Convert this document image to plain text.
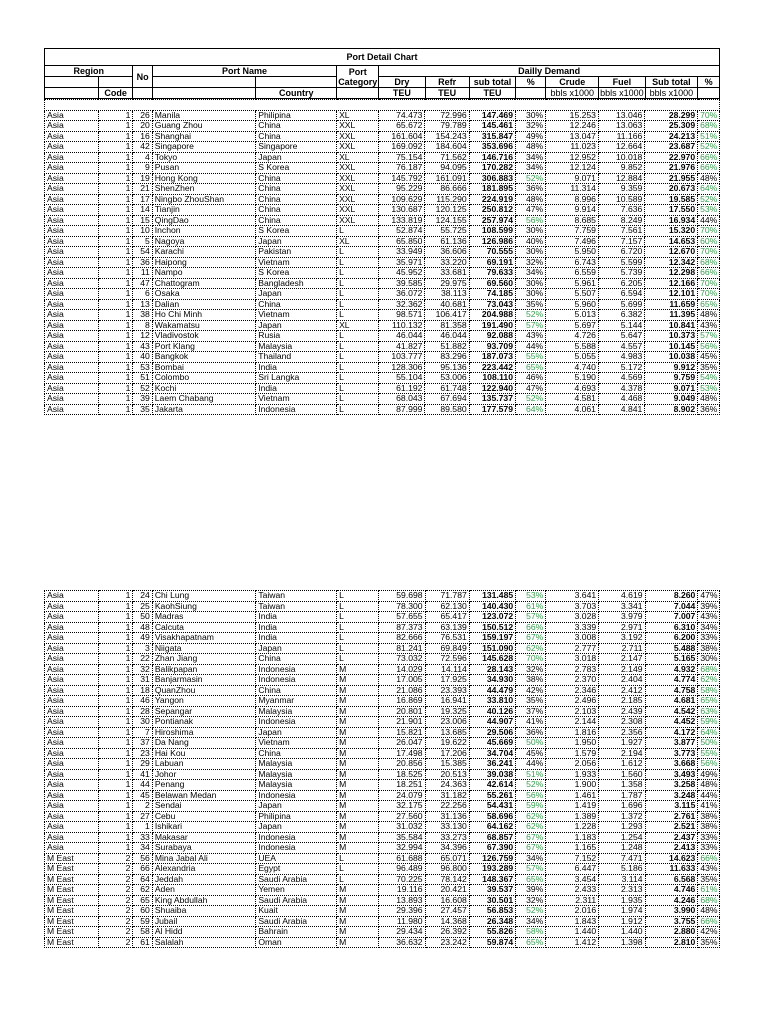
Port Detail Chart													
Region		No	Port Name		Port Category	Dailly Demand							
						Dry	Refr	sub total	%	Crude	Fuel	Sub total	%
	Code			Country		TEU	TEU	TEU		bbls x1000	bbls x1000	bbls x1000	

Asia	1	26	Manila	Philipina	XL	74.473	72.996	147.469	30%	15.253	13.046	28.299	70%
Asia	1	20	Guang Zhou	China	XXL	65.672	79.789	145.461	32%	12.246	13.063	25.309	68%
Asia	1	16	Shanghai	China	XXL	161.604	154.243	315.847	49%	13.047	11.166	24.213	51%
Asia	1	42	Singapore	Singapore	XXL	169.092	184.604	353.696	48%	11.023	12.664	23.687	52%
Asia	1	4	Tokyo	Japan	XL	75.154	71.562	146.716	34%	12.952	10.018	22.970	66%
Asia	1	9	Pusan	S Korea	XXL	76.187	94.095	170.282	34%	12.124	9.852	21.976	66%
Asia	1	19	Hong Kong	China	XXL	145.792	161.091	306.883	52%	9.071	12.884	21.955	48%
Asia	1	21	ShenZhen	China	XXL	95.229	86.666	181.895	36%	11.314	9.359	20.673	64%
Asia	1	17	Ningbo ZhouShan	China	XXL	109.629	115.290	224.919	48%	8.996	10.589	19.585	52%
Asia	1	14	Tianjin	China	XXL	130.687	120.125	250.812	47%	9.914	7.636	17.550	53%
Asia	1	15	QingDao	China	XXL	133.819	124.155	257.974	56%	8.685	8.249	16.934	44%
Asia	1	10	Inchon	S Korea	L	52.874	55.725	108.599	30%	7.759	7.561	15.320	70%
Asia	1	5	Nagoya	Japan	XL	65.850	61.136	126.986	40%	7.496	7.157	14.653	60%
Asia	1	54	Karachi	Pakistan	L	33.949	36.606	70.555	30%	5.950	6.720	12.670	70%
Asia	1	36	Haipong	Vietnam	L	35.971	33.220	69.191	32%	6.743	5.599	12.342	68%
Asia	1	11	Nampo	S Korea	L	45.952	33.681	79.633	34%	6.559	5.739	12.298	66%
Asia	1	47	Chattogram	Bangladesh	L	39.585	29.975	69.560	30%	5.961	6.205	12.166	70%
Asia	1	6	Osaka	Japan	L	36.072	38.113	74.185	30%	5.507	6.594	12.101	70%
Asia	1	13	Dalian	China	L	32.362	40.681	73.043	35%	5.960	5.699	11.659	65%
Asia	1	38	Ho Chi Minh	Vietnam	L	98.571	106.417	204.988	52%	5.013	6.382	11.395	48%
Asia	1	8	Wakamatsu	Japan	XL	110.132	81.358	191.490	57%	5.697	5.144	10.841	43%
Asia	1	12	Vladivostok	Rusia	L	46.044	46.044	92.088	43%	4.726	5.647	10.373	57%
Asia	1	43	Port Klang	Malaysia	L	41.827	51.882	93.709	44%	5.588	4.557	10.145	56%
Asia	1	40	Bangkok	Thailand	L	103.777	83.296	187.073	55%	5.055	4.983	10.038	45%
Asia	1	53	Bombai	India	L	128.306	95.136	223.442	65%	4.740	5.172	9.912	35%
Asia	1	51	Colombo	Sri Langka	L	55.104	53.006	108.110	46%	5.190	4.569	9.759	54%
Asia	1	52	Kochi	India	L	61.192	61.748	122.940	47%	4.693	4.378	9.071	53%
Asia	1	39	Laem Chabang	Vietnam	L	68.043	67.694	135.737	52%	4.581	4.468	9.049	48%
Asia	1	35	Jakarta	Indonesia	L	87.999	89.580	177.579	64%	4.061	4.841	8.902	36%
Asia	1	24	Chi Lung	Taiwan	L	59.698	71.787	131.485	53%	3.641	4.619	8.260	47%
Asia	1	25	KaohSiung	Taiwan	L	78.300	62.130	140.430	61%	3.703	3.341	7.044	39%
Asia	1	50	Madras	India	L	57.655	65.417	123.072	57%	3.028	3.979	7.007	43%
Asia	1	48	Calcuta	India	L	87.373	63.139	150.512	66%	3.339	2.971	6.310	34%
Asia	1	49	Visakhapatnam	India	L	82.666	76.531	159.197	67%	3.008	3.192	6.200	33%
Asia	1	3	Niigata	Japan	L	81.241	69.849	151.090	62%	2.777	2.711	5.488	38%
Asia	1	22	Zhan Jiang	China	L	73.032	72.596	145.628	70%	3.018	2.147	5.165	30%
Asia	1	32	Balikpapan	Indonesia	M	14.029	14.114	28.143	32%	2.783	2.149	4.932	68%
Asia	1	31	Banjarmasin	Indonesia	M	17.005	17.925	34.930	38%	2.370	2.404	4.774	62%
Asia	1	18	QuanZhou	China	M	21.086	23.393	44.479	42%	2.346	2.412	4.758	58%
Asia	1	46	Yangon	Myanmar	M	16.869	16.941	33.810	35%	2.496	2.185	4.681	65%
Asia	1	28	Sepangar	Malaysia	M	20.801	19.325	40.126	37%	2.103	2.439	4.542	63%
Asia	1	30	Pontianak	Indonesia	M	21.901	23.006	44.907	41%	2.144	2.308	4.452	59%
Asia	1	7	Hiroshima	Japan	M	15.821	13.685	29.506	36%	1.816	2.356	4.172	64%
Asia	1	37	Da Nang	Vietnam	M	26.047	19.622	45.669	50%	1.950	1.927	3.877	50%
Asia	1	23	Hai Kou	China	M	17.498	17.206	34.704	45%	1.579	2.194	3.773	55%
Asia	1	29	Labuan	Malaysia	M	20.856	15.385	36.241	44%	2.056	1.612	3.668	56%
Asia	1	41	Johor	Malaysia	M	18.525	20.513	39.038	51%	1.933	1.560	3.493	49%
Asia	1	44	Penang	Malaysia	M	18.251	24.363	42.614	52%	1.900	1.358	3.258	48%
Asia	1	45	Belawan Medan	Indonesia	M	24.079	31.182	55.261	56%	1.461	1.787	3.248	44%
Asia	1	2	Sendai	Japan	M	32.175	22.256	54.431	59%	1.419	1.696	3.115	41%
Asia	1	27	Cebu	Philipina	M	27.560	31.136	58.696	62%	1.389	1.372	2.761	38%
Asia	1	1	Ishikari	Japan	M	31.032	33.130	64.162	62%	1.228	1.293	2.521	38%
Asia	1	33	Makasar	Indonesia	M	35.584	33.273	68.857	67%	1.183	1.254	2.437	33%
Asia	1	34	Surabaya	Indonesia	M	32.994	34.396	67.390	67%	1.165	1.248	2.413	33%
M East	2	56	Mina Jabal Ali	UEA	L	61.688	65.071	126.759	34%	7.152	7.471	14.623	66%
M East	2	66	Alexandria	Egypt	L	96.489	96.800	193.289	57%	6.447	5.186	11.633	43%
M East	2	64	Jeddah	Saudi Arabia	L	70.225	78.142	148.367	65%	3.454	3.114	6.568	35%
M East	2	62	Aden	Yemen	M	19.116	20.421	39.537	39%	2.433	2.313	4.746	61%
M East	2	65	King Abdullah	Saudi Arabia	M	13.893	16.608	30.501	32%	2.311	1.935	4.246	68%
M East	2	60	Shuaiba	Kuait	M	29.396	27.457	56.853	52%	2.016	1.974	3.990	48%
M East	2	59	Jubail	Saudi Arabia	M	11.980	14.368	26.348	34%	1.843	1.912	3.755	66%
M East	2	58	Al Hidd	Bahrain	M	29.434	26.392	55.826	58%	1.440	1.440	2.880	42%
M East	2	61	Salalah	Oman	M	36.632	23.242	59.874	65%	1.412	1.398	2.810	35%
